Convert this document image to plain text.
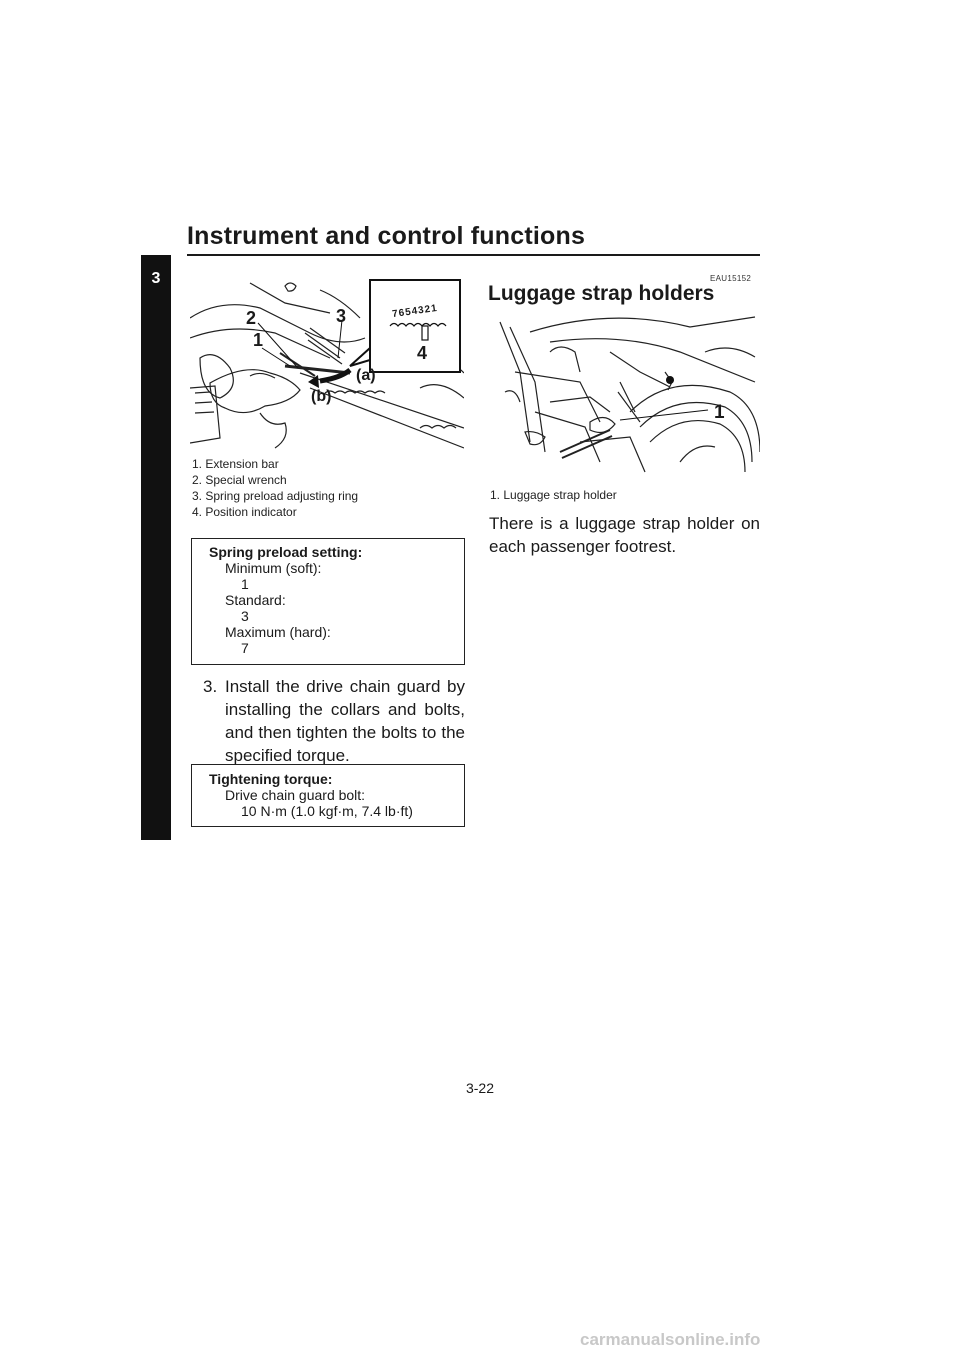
Instrument and control functions
3
7654321
1
2	3
4
(a)
(b)
1. Extension bar
2. Special wrench
3. Spring preload adjusting ring
4. Position indicator
Spring preload setting:
Minimum (soft):
1
Standard:
3
Maximum (hard):
7
3. Install the drive chain guard by installing the collars and bolts, and then tighten the bolts to the specified torque.
Tightening torque:
Drive chain guard bolt:
10 N·m (1.0 kgf·m, 7.4 lb·ft)
EAU15152
Luggage strap holders
1
1. Luggage strap holder
There is a luggage strap holder on each passenger footrest.
3-22
carmanualsonline.info
